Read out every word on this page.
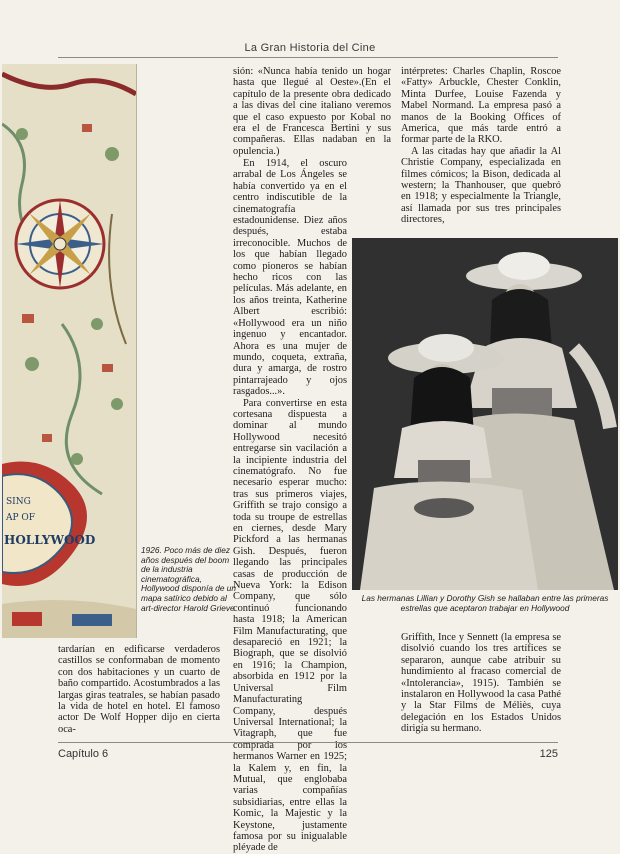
La Gran Historia del Cine
SING
AP OF
HOLLYWOOD
1926. Poco más de diez años después del boom de la industria cinematográfica, Hollywood disponía de un mapa satírico debido al art-director Harold Grieve

sión: «Nunca había tenido un hogar hasta que llegué al Oeste».(En el capítulo de la presente obra dedicado a las divas del cine italiano veremos que el caso expuesto por Kobal no era el de Francesca Bertini y sus compañeras. Ellas nadaban en la opulencia.)

En 1914, el oscuro arrabal de Los Ángeles se había convertido ya en el centro indiscutible de la cinematografía estadounidense. Diez años después, estaba irreconocible. Muchos de los que habían llegado como pioneros se habían hecho ricos con las películas. Más adelante, en los años treinta, Katherine Albert escribió: «Hollywood era un niño ingenuo y encantador. Ahora es una mujer de mundo, coqueta, extraña, dura y amarga, de rostro pintarrajeado y ojos rasgados...».

Para convertirse en esta cortesana dispuesta a dominar al mundo Hollywood necesitó entregarse sin vacilación a la incipiente industria del cinematógrafo. No fue necesario esperar mucho: tras sus primeros viajes, Griffith se trajo consigo a toda su troupe de estrellas en ciernes, desde Mary Pickford a las hermanas Gish. Después, fueron llegando las principales casas de producción de Nueva York: la Edison Company, que sólo continuó funcionando hasta 1918; la American Film Manufacturating, que desapareció en 1921; la Biograph, que se disolvió en 1916; la Champion, absorbida en 1912 por la Universal Film Manufacturating Company, después Universal International; la Vitagraph, que fue comprada por los hermanos Warner en 1925; la Kalem y, en fin, la Mutual, que englobaba varias compañías subsidiarias, entre ellas la Komic, la Majestic y la Keystone, justamente famosa por su inigualable pléyade de

intérpretes: Charles Chaplin, Roscoe «Fatty» Arbuckle, Chester Conklin, Minta Durfee, Louise Fazenda y Mabel Normand. La empresa pasó a manos de la Booking Offices of America, que más tarde entró a formar parte de la RKO.

A las citadas hay que añadir la Al Christie Company, especializada en filmes cómicos; la Bison, dedicada al western; la Thanhouser, que quebró en 1918; y especialmente la Triangle, así llamada por sus tres principales directores,

Las hermanas Lillian y Dorothy Gish se hallaban entre las primeras estrellas que aceptaron trabajar en Hollywood

tardarían en edificarse verdaderos castillos se conformaban de momento con dos habitaciones y un cuarto de baño compartido. Acostumbrados a las largas giras teatrales, se habían pasado la vida de hotel en hotel. El famoso actor De Wolf Hopper dijo en cierta oca-

Griffith, Ince y Sennett (la empresa se disolvió cuando los tres artífices se separaron, aunque cabe atribuir su hundimiento al fracaso comercial de «Intolerancia», 1915). También se instalaron en Hollywood la casa Pathé y la Star Films de Méliès, cuya delegación en los Estados Unidos dirigía su hermano.

Capítulo 6	125
